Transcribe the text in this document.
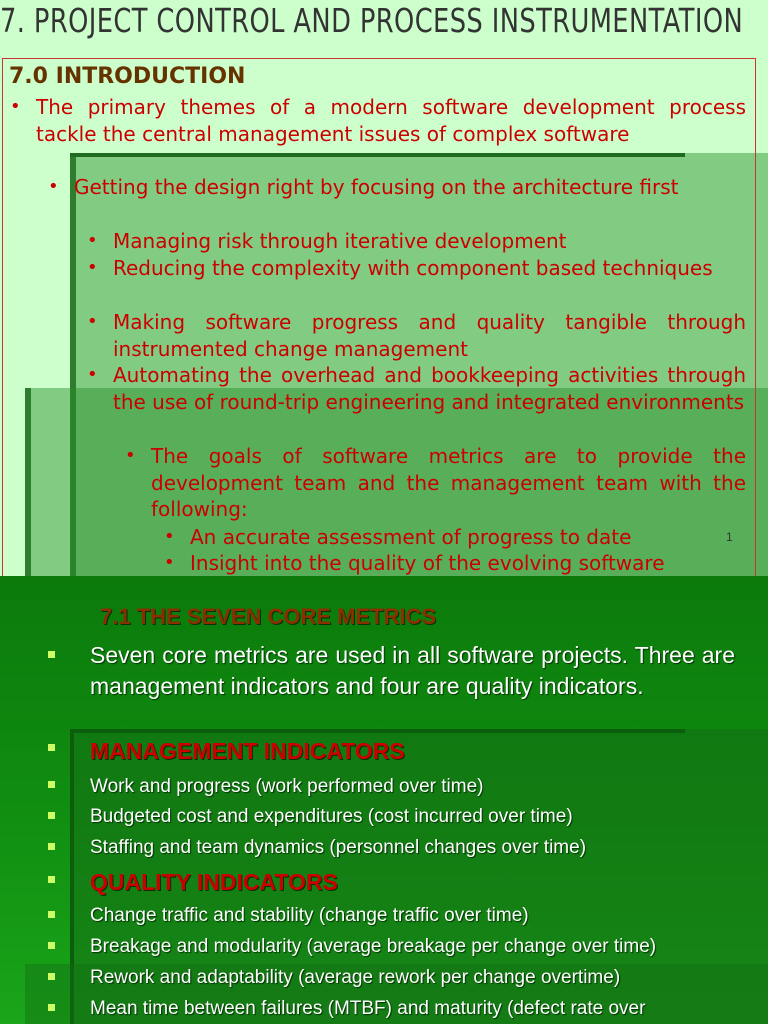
7. PROJECT CONTROL AND PROCESS INSTRUMENTATION
7.0 INTRODUCTION
• The primary themes of a modern software development process tackle the central management issues of complex software
• Getting the design right by focusing on the architecture first
• Managing risk through iterative development
• Reducing the complexity with component based techniques
• Making software progress and quality tangible through instrumented change management
• Automating the overhead and bookkeeping activities through the use of round-trip engineering and integrated environments
• The goals of software metrics are to provide the development team and the management team with the following:
• An accurate assessment of progress to date
• Insight into the quality of the evolving software
1
7.1 THE SEVEN CORE METRICS
Seven core metrics are used in all software projects. Three are management indicators and four are quality indicators.
MANAGEMENT INDICATORS
Work and progress (work performed over time)
Budgeted cost and expenditures (cost incurred over time)
Staffing and team dynamics (personnel changes over time)
QUALITY INDICATORS
Change traffic and stability (change traffic over time)
Breakage and modularity (average breakage per change over time)
Rework and adaptability (average rework per change overtime)
Mean time between failures (MTBF) and maturity (defect rate over
